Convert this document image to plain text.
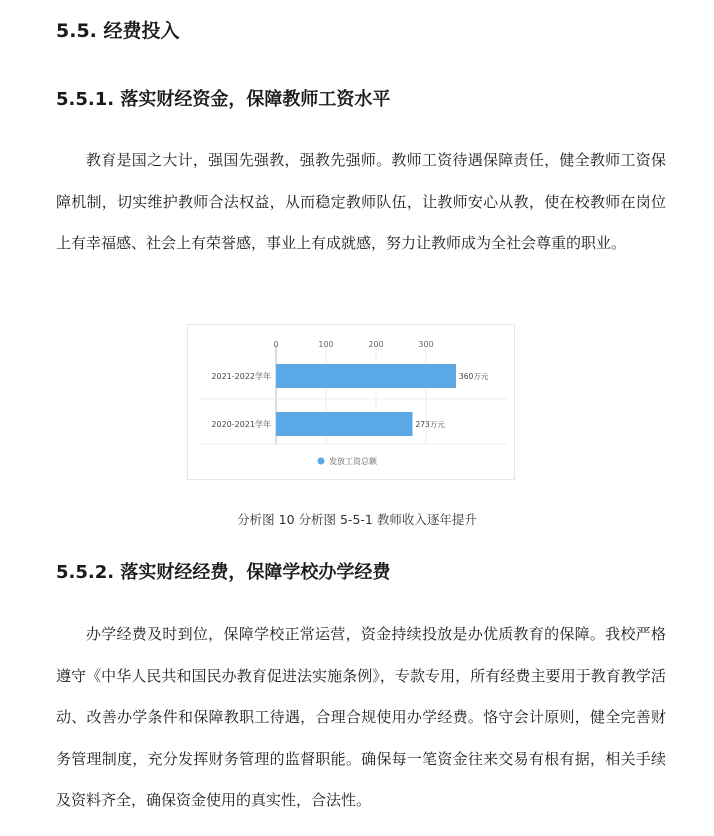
5.5. 经费投入
5.5.1. 落实财经资金，保障教师工资水平

教育是国之大计，强国先强教，强教先强师。教师工资待遇保障责任，健全教师工资保障机制，切实维护教师合法权益，从而稳定教师队伍，让教师安心从教，使在校教师在岗位上有幸福感、社会上有荣誉感，事业上有成就感，努力让教师成为全社会尊重的职业。

0	100	200	300
2021-2022学年	360万元
2020-2021学年	273万元
发放工资总额

分析图 10 分析图 5-5-1 教师收入逐年提升

5.5.2. 落实财经经费，保障学校办学经费

办学经费及时到位，保障学校正常运营，资金持续投放是办优质教育的保障。我校严格遵守《中华人民共和国民办教育促进法实施条例》，专款专用，所有经费主要用于教育教学活动、改善办学条件和保障教职工待遇，合理合规使用办学经费。恪守会计原则，健全完善财务管理制度，充分发挥财务管理的监督职能。确保每一笔资金往来交易有根有据，相关手续及资料齐全，确保资金使用的真实性，合法性。
